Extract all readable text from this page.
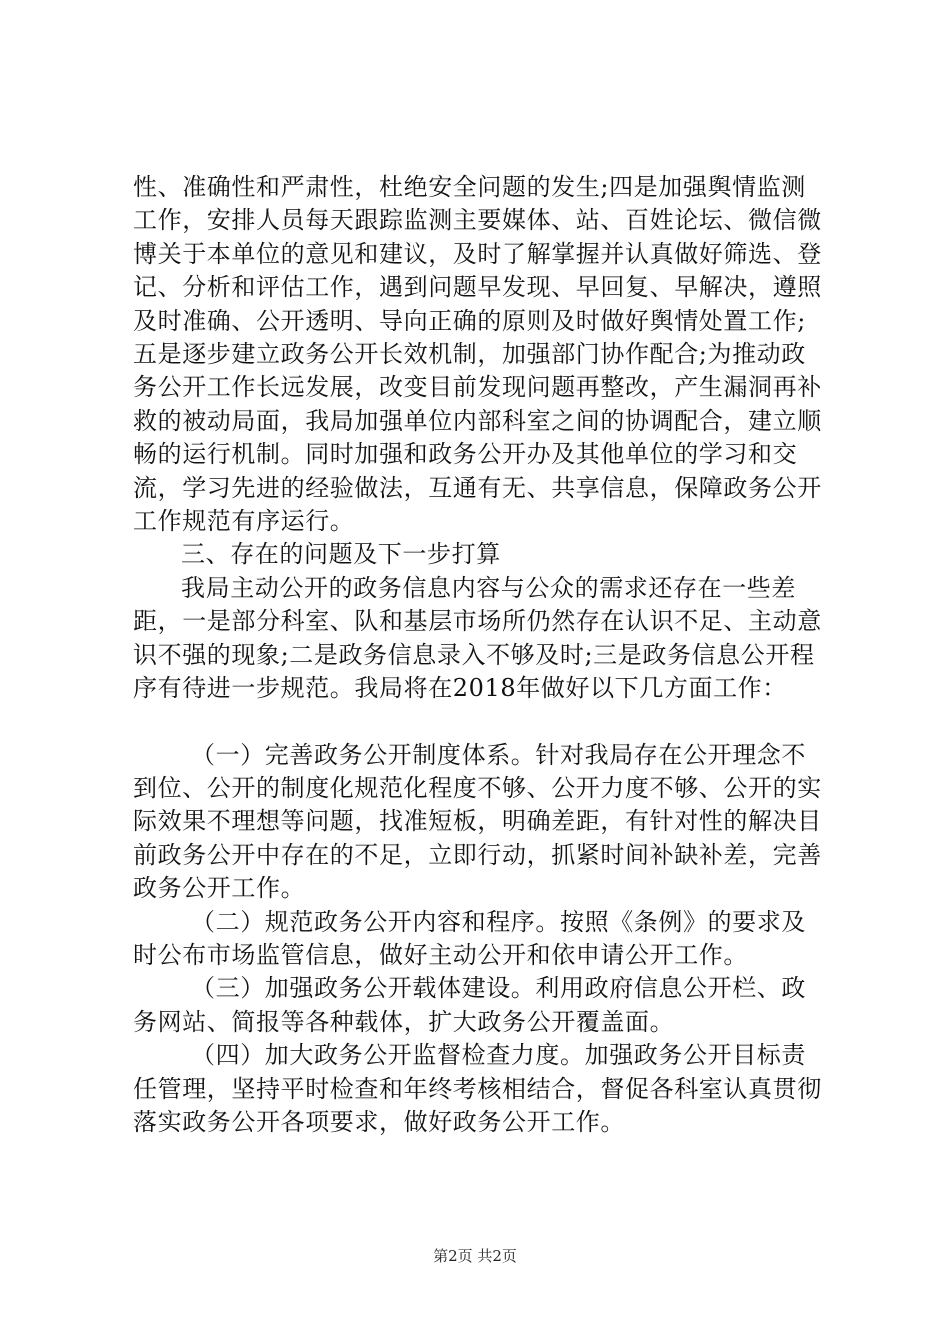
性、准确性和严肃性，杜绝安全问题的发生;四是加强舆情监测工作，安排人员每天跟踪监测主要媒体、站、百姓论坛、微信微博关于本单位的意见和建议，及时了解掌握并认真做好筛选、登记、分析和评估工作，遇到问题早发现、早回复、早解决，遵照及时准确、公开透明、导向正确的原则及时做好舆情处置工作;五是逐步建立政务公开长效机制，加强部门协作配合;为推动政务公开工作长远发展，改变目前发现问题再整改，产生漏洞再补救的被动局面，我局加强单位内部科室之间的协调配合，建立顺畅的运行机制。同时加强和政务公开办及其他单位的学习和交流，学习先进的经验做法，互通有无、共享信息，保障政务公开工作规范有序运行。

三、存在的问题及下一步打算

我局主动公开的政务信息内容与公众的需求还存在一些差距，一是部分科室、队和基层市场所仍然存在认识不足、主动意识不强的现象;二是政务信息录入不够及时;三是政务信息公开程序有待进一步规范。我局将在2018年做好以下几方面工作：

（一）完善政务公开制度体系。针对我局存在公开理念不到位、公开的制度化规范化程度不够、公开力度不够、公开的实际效果不理想等问题，找准短板，明确差距，有针对性的解决目前政务公开中存在的不足，立即行动，抓紧时间补缺补差，完善政务公开工作。

（二）规范政务公开内容和程序。按照《条例》的要求及时公布市场监管信息，做好主动公开和依申请公开工作。

（三）加强政务公开载体建设。利用政府信息公开栏、政务网站、简报等各种载体，扩大政务公开覆盖面。

（四）加大政务公开监督检查力度。加强政务公开目标责任管理，坚持平时检查和年终考核相结合，督促各科室认真贯彻落实政务公开各项要求，做好政务公开工作。

第2页 共2页
